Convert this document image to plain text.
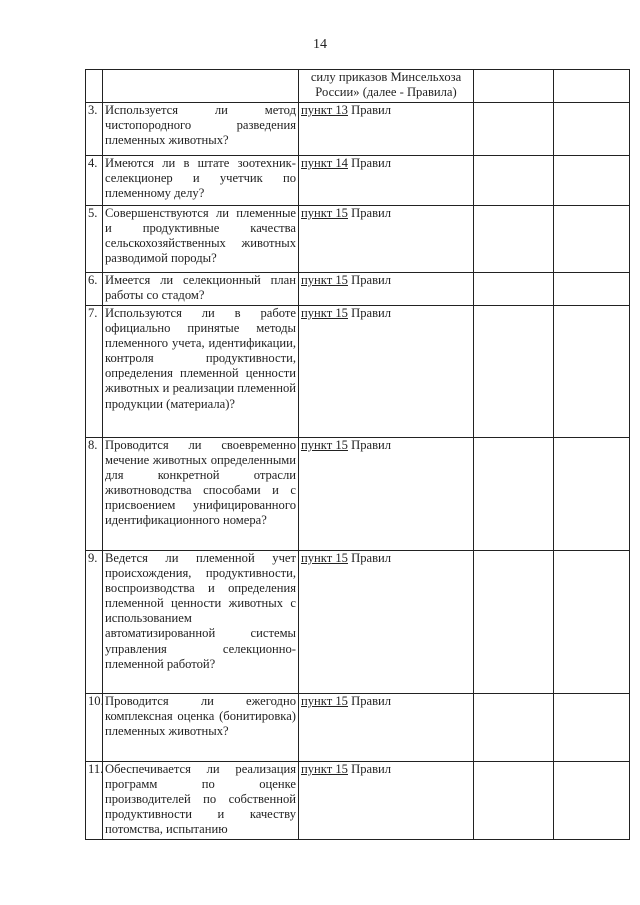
14
		силу приказов Минсельхоза России» (далее - Правила)		
3.	Используется ли метод чистопородного разведения племенных животных?	пункт 13 Правил		
4.	Имеются ли в штате зоотехник-селекционер и учетчик по племенному делу?	пункт 14 Правил		
5.	Совершенствуются ли племенные и продуктивные качества сельскохозяйственных животных разводимой породы?	пункт 15 Правил		
6.	Имеется ли селекционный план работы со стадом?	пункт 15 Правил		
7.	Используются ли в работе официально принятые методы племенного учета, идентификации, контроля продуктивности, определения племенной ценности животных и реализации племенной продукции (материала)?	пункт 15 Правил		
8.	Проводится ли своевременно мечение животных определенными для конкретной отрасли животноводства способами и с присвоением унифицированного идентификационного номера?	пункт 15 Правил		
9.	Ведется ли племенной учет происхождения, продуктивности, воспроизводства и определения племенной ценности животных с использованием автоматизированной системы управления селекционно-племенной работой?	пункт 15 Правил		
10.	Проводится ли ежегодно комплексная оценка (бонитировка) племенных животных?	пункт 15 Правил		
11.	Обеспечивается ли реализация программ по оценке производителей по собственной продуктивности и качеству потомства, испытанию	пункт 15 Правил		
